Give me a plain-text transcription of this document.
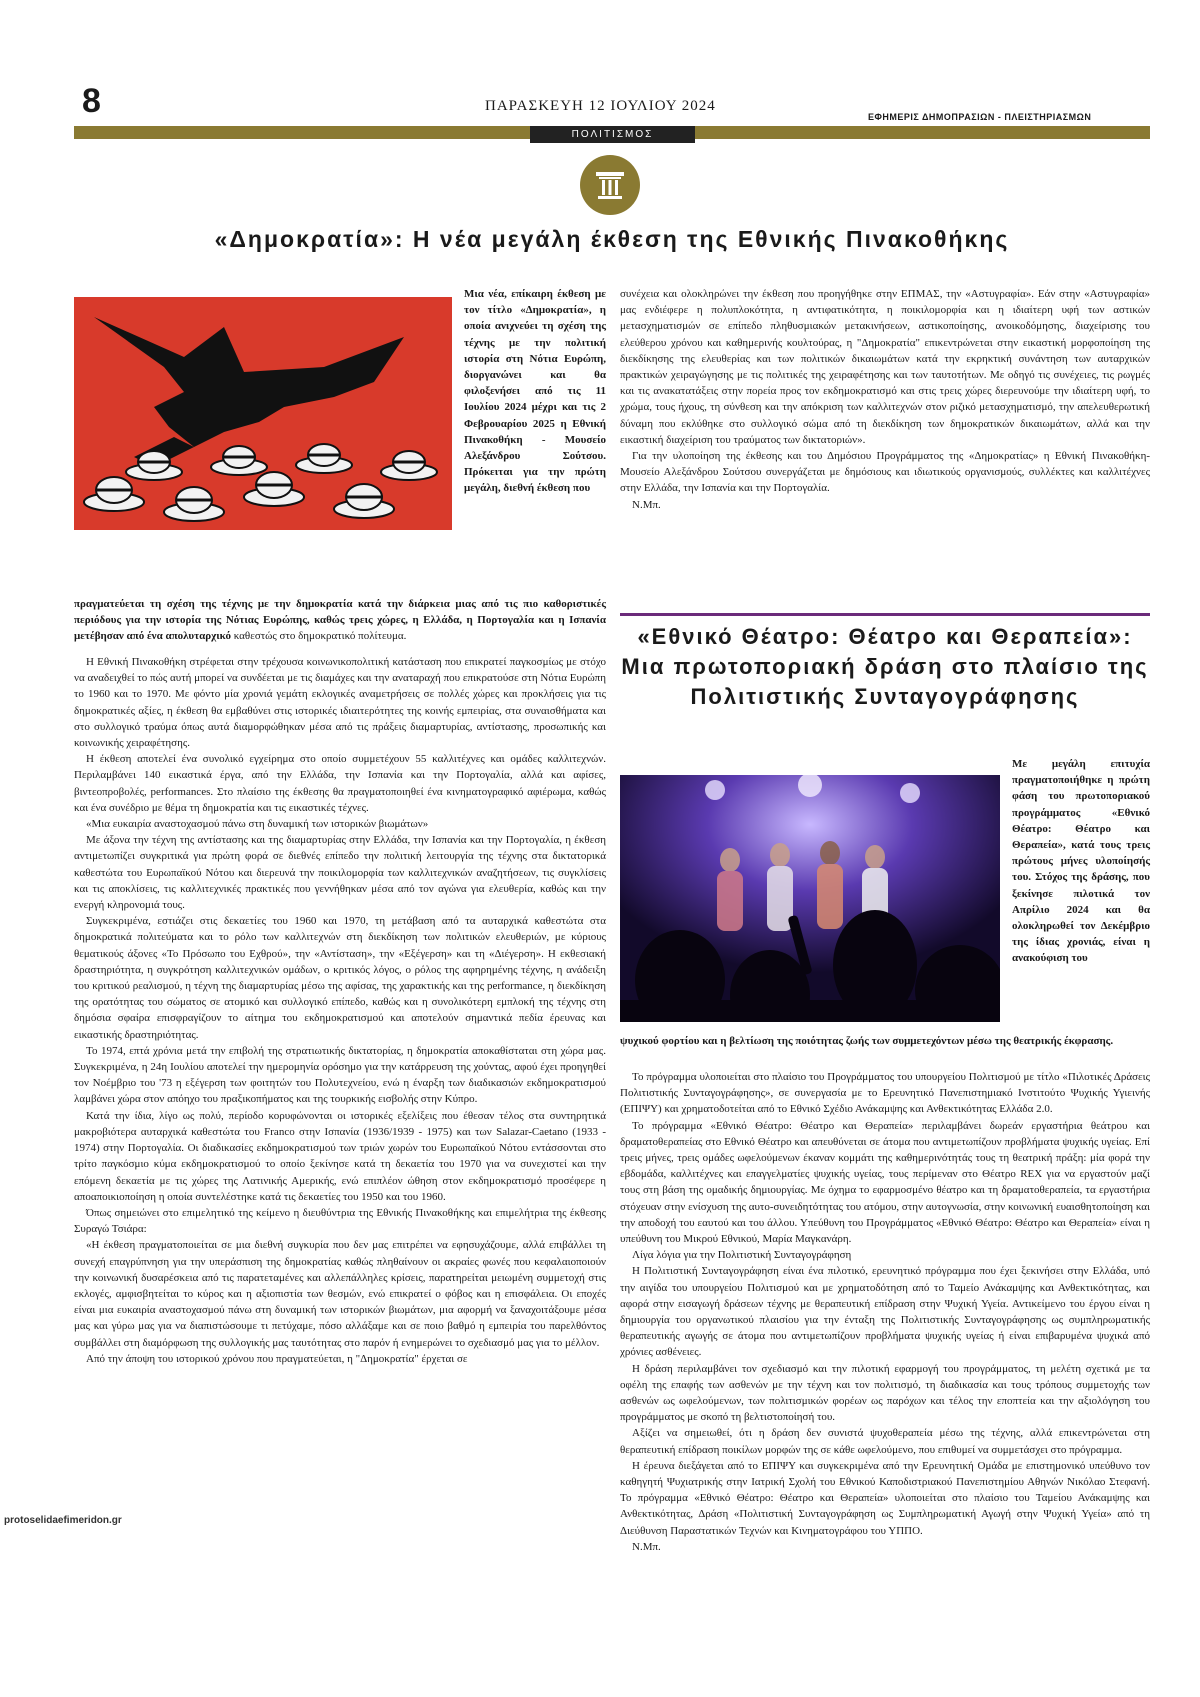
8	ΠΑΡΑΣΚΕΥΗ 12 ΙΟΥΛΙΟΥ 2024
ΕΦΗΜΕΡΙΣ ΔΗΜΟΠΡΑΣΙΩΝ - ΠΛΕΙΣΤΗΡΙΑΣΜΩΝ
ΠΟΛΙΤΙΣΜΟΣ
«Δημοκρατία»: Η νέα μεγάλη έκθεση της Εθνικής Πινακοθήκης

Μια νέα, επίκαιρη έκθεση με τον τίτλο «Δημοκρατία», η οποία ανιχνεύει τη σχέση της τέχνης με την πολιτική ιστορία στη Νότια Ευρώπη, διοργανώνει και θα φιλοξενήσει από τις 11 Ιουλίου 2024 μέχρι και τις 2 Φεβρουαρίου 2025 η Εθνική Πινακοθήκη - Μουσείο Αλεξάνδρου Σούτσου. Πρόκειται για την πρώτη μεγάλη, διεθνή έκθεση που

πραγματεύεται τη σχέση της τέχνης με την δημοκρατία κατά την διάρκεια μιας από τις πιο καθοριστικές περιόδους για την ιστορία της Νότιας Ευρώπης, καθώς τρεις χώρες, η Ελλάδα, η Πορτογαλία και η Ισπανία μετέβησαν από ένα απολυταρχικό καθεστώς στο δημοκρατικό πολίτευμα.

Η Εθνική Πινακοθήκη στρέφεται στην τρέχουσα κοινωνικοπολιτική κατάσταση που επικρατεί παγκοσμίως με στόχο να αναδειχθεί το πώς αυτή μπορεί να συνδέεται με τις διαμάχες και την αναταραχή που επικρατούσε στη Νότια Ευρώπη το 1960 και το 1970. Με φόντο μία χρονιά γεμάτη εκλογικές αναμετρήσεις σε πολλές χώρες και προκλήσεις για τις δημοκρατικές αξίες, η έκθεση θα εμβαθύνει στις ιστορικές ιδιαιτερότητες της κοινής εμπειρίας, στα συναισθήματα και στο συλλογικό τραύμα όπως αυτά διαμορφώθηκαν μέσα από τις πράξεις διαμαρτυρίας, αντίστασης, προσωπικής και κοινωνικής χειραφέτησης.

Η έκθεση αποτελεί ένα συνολικό εγχείρημα στο οποίο συμμετέχουν 55 καλλιτέχνες και ομάδες καλλιτεχνών. Περιλαμβάνει 140 εικαστικά έργα, από την Ελλάδα, την Ισπανία και την Πορτογαλία, αλλά και αφίσες, βιντεοπροβολές, performances. Στο πλαίσιο της έκθεσης θα πραγματοποιηθεί ένα κινηματογραφικό αφιέρωμα, καθώς και ένα συνέδριο με θέμα τη δημοκρατία και τις εικαστικές τέχνες.

«Μια ευκαιρία αναστοχασμού πάνω στη δυναμική των ιστορικών βιωμάτων»

Με άξονα την τέχνη της αντίστασης και της διαμαρτυρίας στην Ελλάδα, την Ισπανία και την Πορτογαλία, η έκθεση αντιμετωπίζει συγκριτικά για πρώτη φορά σε διεθνές επίπεδο την πολιτική λειτουργία της τέχνης στα δικτατορικά καθεστώτα του Ευρωπαϊκού Νότου και διερευνά την ποικιλομορφία των καλλιτεχνικών αναζητήσεων, τις συγκλίσεις και τις αποκλίσεις, τις καλλιτεχνικές πρακτικές που γεννήθηκαν μέσα από τον αγώνα για ελευθερία, καθώς και την ενεργή κληρονομιά τους.

Συγκεκριμένα, εστιάζει στις δεκαετίες του 1960 και 1970, τη μετάβαση από τα αυταρχικά καθεστώτα στα δημοκρατικά πολιτεύματα και το ρόλο των καλλιτεχνών στη διεκδίκηση των πολιτικών ελευθεριών, με κύριους θεματικούς άξονες «Το Πρόσωπο του Εχθρού», την «Αντίσταση», την «Εξέγερση» και τη «Διέγερση». Η εκθεσιακή δραστηριότητα, η συγκρότηση καλλιτεχνικών ομάδων, ο κριτικός λόγος, ο ρόλος της αφηρημένης τέχνης, η ανάδειξη του κριτικού ρεαλισμού, η τέχνη της διαμαρτυρίας μέσω της αφίσας, της χαρακτικής και της performance, η διεκδίκηση της ορατότητας του σώματος σε ατομικό και συλλογικό επίπεδο, καθώς και η συνολικότερη εμπλοκή της τέχνης στη δημόσια σφαίρα επισφραγίζουν το αίτημα του εκδημοκρατισμού και αποτελούν σημαντικά πεδία έρευνας και εικαστικής δραστηριότητας.

Το 1974, επτά χρόνια μετά την επιβολή της στρατιωτικής δικτατορίας, η δημοκρατία αποκαθίσταται στη χώρα μας. Συγκεκριμένα, η 24η Ιουλίου αποτελεί την ημερομηνία ορόσημο για την κατάρρευση της χούντας, αφού έχει προηγηθεί τον Νοέμβριο του '73 η εξέγερση των φοιτητών του Πολυτεχνείου, ενώ η έναρξη των διαδικασιών εκδημοκρατισμού λαμβάνει χώρα στον απόηχο του πραξικοπήματος και της τουρκικής εισβολής στην Κύπρο.

Κατά την ίδια, λίγο ως πολύ, περίοδο κορυφώνονται οι ιστορικές εξελίξεις που έθεσαν τέλος στα συντηρητικά μακροβιότερα αυταρχικά καθεστώτα του Franco στην Ισπανία (1936/1939 - 1975) και των Salazar-Caetano (1933 - 1974) στην Πορτογαλία. Οι διαδικασίες εκδημοκρατισμού των τριών χωρών του Ευρωπαϊκού Νότου εντάσσονται στο τρίτο παγκόσμιο κύμα εκδημοκρατισμού το οποίο ξεκίνησε κατά τη δεκαετία του 1970 για να συνεχιστεί και την επόμενη δεκαετία με τις χώρες της Λατινικής Αμερικής, ενώ επιπλέον ώθηση στον εκδημοκρατισμό προσέφερε η αποαποικιοποίηση η οποία συντελέστηκε κατά τις δεκαετίες του 1950 και του 1960.

Όπως σημειώνει στο επιμελητικό της κείμενο η διευθύντρια της Εθνικής Πινακοθήκης και επιμελήτρια της έκθεσης Συραγώ Τσιάρα:

«Η έκθεση πραγματοποιείται σε μια διεθνή συγκυρία που δεν μας επιτρέπει να εφησυχάζουμε, αλλά επιβάλλει τη συνεχή επαγρύπνηση για την υπεράσπιση της δημοκρατίας καθώς πληθαίνουν οι ακραίες φωνές που κεφαλαιοποιούν την κοινωνική δυσαρέσκεια από τις παρατεταμένες και αλλεπάλληλες κρίσεις, παρατηρείται μειωμένη συμμετοχή στις εκλογές, αμφισβητείται το κύρος και η αξιοπιστία των θεσμών, ενώ επικρατεί ο φόβος και η επισφάλεια. Οι εποχές είναι μια ευκαιρία αναστοχασμού πάνω στη δυναμική των ιστορικών βιωμάτων, μια αφορμή να ξαναχοιτάξουμε μέσα μας και γύρω μας για να διαπιστώσουμε τι πετύχαμε, πόσο αλλάξαμε και σε ποιο βαθμό η εμπειρία του παρελθόντος συμβάλλει στη διαμόρφωση της συλλογικής μας ταυτότητας στο παρόν ή ενημερώνει το σχεδιασμό μας για το μέλλον.

Από την άποψη του ιστορικού χρόνου που πραγματεύεται, η "Δημοκρατία" έρχεται σε

συνέχεια και ολοκληρώνει την έκθεση που προηγήθηκε στην ΕΠΜΑΣ, την «Αστυγραφία». Εάν στην «Αστυγραφία» μας ενδιέφερε η πολυπλοκότητα, η αντιφατικότητα, η ποικιλομορφία και η ιδιαίτερη υφή των αστικών μετασχηματισμών σε επίπεδο πληθυσμιακών μετακινήσεων, αστικοποίησης, ανοικοδόμησης, διαχείρισης του ελεύθερου χρόνου και καθημερινής κουλτούρας, η "Δημοκρατία" επικεντρώνεται στην εικαστική μορφοποίηση της διεκδίκησης της ελευθερίας και των πολιτικών δικαιωμάτων κατά την εκρηκτική συνάντηση των αυταρχικών πρακτικών χειραγώγησης με τις πολιτικές της χειραφέτησης και των ταυτοτήτων. Με οδηγό τις συνέχειες, τις ρωγμές και τις ανακατατάξεις στην πορεία προς τον εκδημοκρατισμό και στις τρεις χώρες διερευνούμε την ιδιαίτερη υφή, το χρώμα, τους ήχους, τη σύνθεση και την απόκριση των καλλιτεχνών στον ριζικό μετασχηματισμό, την απελευθερωτική δύναμη που εκλύθηκε στο συλλογικό σώμα από τη διεκδίκηση των δημοκρατικών δικαιωμάτων, αλλά και την εικαστική διαχείριση του τραύματος των δικτατοριών».

Για την υλοποίηση της έκθεσης και του Δημόσιου Προγράμματος της «Δημοκρατίας» η Εθνική Πινακοθήκη-Μουσείο Αλεξάνδρου Σούτσου συνεργάζεται με δημόσιους και ιδιωτικούς οργανισμούς, συλλέκτες και καλλιτέχνες στην Ελλάδα, την Ισπανία και την Πορτογαλία.

Ν.Μπ.

«Εθνικό Θέατρο: Θέατρο και Θεραπεία»: Μια πρωτοποριακή δράση στο πλαίσιο της Πολιτιστικής Συνταγογράφησης

Με μεγάλη επιτυχία πραγματοποιήθηκε η πρώτη φάση του πρωτοποριακού προγράμματος «Εθνικό Θέατρο: Θέατρο και Θεραπεία», κατά τους τρεις πρώτους μήνες υλοποίησής του. Στόχος της δράσης, που ξεκίνησε πιλοτικά τον Απρίλιο 2024 και θα ολοκληρωθεί τον Δεκέμβριο της ίδιας χρονιάς, είναι η ανακούφιση του

ψυχικού φορτίου και η βελτίωση της ποιότητας ζωής των συμμετεχόντων μέσω της θεατρικής έκφρασης.

Το πρόγραμμα υλοποιείται στο πλαίσιο του Προγράμματος του υπουργείου Πολιτισμού με τίτλο «Πιλοτικές Δράσεις Πολιτιστικής Συνταγογράφησης», σε συνεργασία με το Ερευνητικό Πανεπιστημιακό Ινστιτούτο Ψυχικής Υγιεινής (ΕΠΙΨΥ) και χρηματοδοτείται από το Εθνικό Σχέδιο Ανάκαμψης και Ανθεκτικότητας Ελλάδα 2.0.

Το πρόγραμμα «Εθνικό Θέατρο: Θέατρο και Θεραπεία» περιλαμβάνει δωρεάν εργαστήρια θεάτρου και δραματοθεραπείας στο Εθνικό Θέατρο και απευθύνεται σε άτομα που αντιμετωπίζουν προβλήματα ψυχικής υγείας. Επί τρεις μήνες, τρεις ομάδες ωφελούμενων έκαναν κομμάτι της καθημερινότητάς τους τη θεατρική πράξη: μία φορά την εβδομάδα, καλλιτέχνες και επαγγελματίες ψυχικής υγείας, τους περίμεναν στο Θέατρο REX για να εργαστούν μαζί τους στη βάση της ομαδικής δημιουργίας. Με όχημα το εφαρμοσμένο θέατρο και τη δραματοθεραπεία, τα εργαστήρια στόχευαν στην ενίσχυση της αυτο-συνειδητότητας του ατόμου, στην αυτογνωσία, στην κοινωνική ευαισθητοποίηση και την αποδοχή του εαυτού και του άλλου. Υπεύθυνη του Προγράμματος «Εθνικό Θέατρο: Θέατρο και Θεραπεία» είναι η υπεύθυνη του Μικρού Εθνικού, Μαρία Μαγκανάρη.

Λίγα λόγια για την Πολιτιστική Συνταγογράφηση

Η Πολιτιστική Συνταγογράφηση είναι ένα πιλοτικό, ερευνητικό πρόγραμμα που έχει ξεκινήσει στην Ελλάδα, υπό την αιγίδα του υπουργείου Πολιτισμού και με χρηματοδότηση από το Ταμείο Ανάκαμψης και Ανθεκτικότητας, και αφορά στην εισαγωγή δράσεων τέχνης με θεραπευτική επίδραση στην Ψυχική Υγεία. Αντικείμενο του έργου είναι η δημιουργία του οργανωτικού πλαισίου για την ένταξη της Πολιτιστικής Συνταγογράφησης ως συμπληρωματικής θεραπευτικής αγωγής σε άτομα που αντιμετωπίζουν προβλήματα ψυχικής υγείας ή είναι επιβαρυμένα ψυχικά από χρόνιες ασθένειες.

Η δράση περιλαμβάνει τον σχεδιασμό και την πιλοτική εφαρμογή του προγράμματος, τη μελέτη σχετικά με τα οφέλη της επαφής των ασθενών με την τέχνη και τον πολιτισμό, τη διαδικασία και τους τρόπους συμμετοχής των ασθενών ως ωφελούμενων, των πολιτισμικών φορέων ως παρόχων και τέλος την εποπτεία και την αξιολόγηση του προγράμματος με σκοπό τη βελτιστοποίησή του.

Αξίζει να σημειωθεί, ότι η δράση δεν συνιστά ψυχοθεραπεία μέσω της τέχνης, αλλά επικεντρώνεται στη θεραπευτική επίδραση ποικίλων μορφών της σε κάθε ωφελούμενο, που επιθυμεί να συμμετάσχει στο πρόγραμμα.

Η έρευνα διεξάγεται από το ΕΠΙΨΥ και συγκεκριμένα από την Ερευνητική Ομάδα με επιστημονικό υπεύθυνο τον καθηγητή Ψυχιατρικής στην Ιατρική Σχολή του Εθνικού Καποδιστριακού Πανεπιστημίου Αθηνών Νικόλαο Στεφανή. Το πρόγραμμα «Εθνικό Θέατρο: Θέατρο και Θεραπεία» υλοποιείται στο πλαίσιο του Ταμείου Ανάκαμψης και Ανθεκτικότητας, Δράση «Πολιτιστική Συνταγογράφηση ως Συμπληρωματική Αγωγή στην Ψυχική Υγεία» από τη Διεύθυνση Παραστατικών Τεχνών και Κινηματογράφου του ΥΠΠΟ.

Ν.Μπ.

protoselidaefimeridon.gr
